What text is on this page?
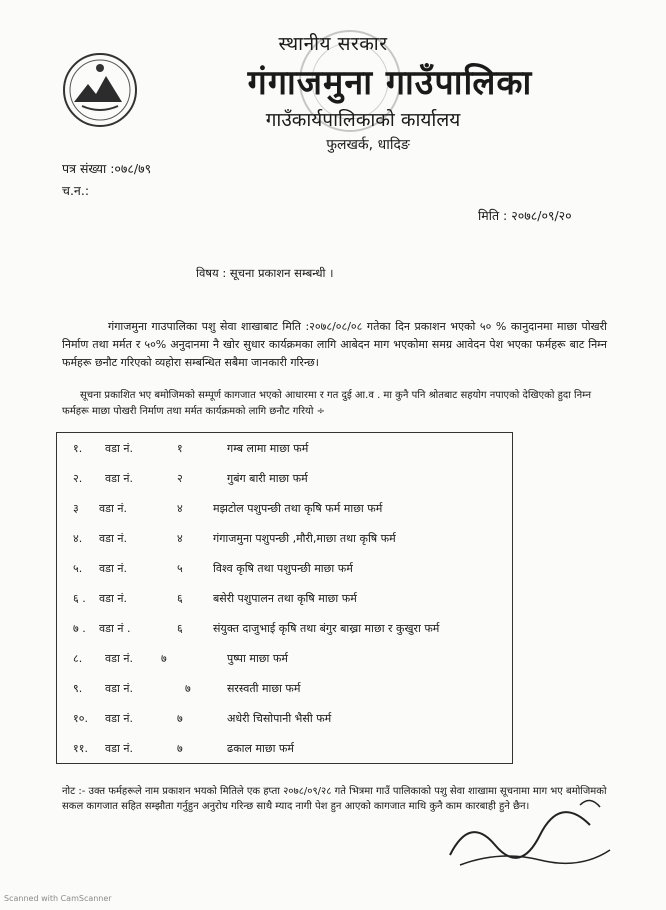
स्थानीय सरकार
गंगाजमुना गाउँपालिका
गाउँकार्यपालिकाको कार्यालय
फुलखर्क, धादिङ
पत्र संख्या :०७८/७९
च.न.:
मिति : २०७८/०९/२०
विषय : सूचना प्रकाशन सम्बन्धी ।
गंगाजमुना गाउपालिका पशु सेवा शाखाबाट मिति :२०७८/०८/०८ गतेका दिन प्रकाशन भएको ५० % कानुदानमा माछा पोखरी निर्माण तथा मर्मत र ५०% अनुदानमा नै खोर सुधार कार्यक्रमका लागि आबेदन माग भएकोमा समग्र आवेदन पेश भएका फर्महरू बाट निम्न फर्महरू छनौट गरिएको व्यहोरा सम्बन्धित सबैमा जानकारी गरिन्छ।
सूचना प्रकाशित भए बमोजिमको सम्पूर्ण कागजात भएको आधारमा र गत दुई आ.व . मा कुनै पनि श्रोतबाट सहयोग नपाएको देखिएको हुदा निम्न फर्महरू माछा पोखरी निर्माण तथा मर्मत कार्यक्रमको लागि छनौट गरियो ÷
१. वडा नं.	१	गम्ब लामा माछा फर्म
२. वडा नं.	२	गुबंग बारी माछा फर्म
३ वडा नं.	४	मझटोल पशुपन्छी तथा कृषि फर्म माछा फर्म
४. वडा नं.	४	गंगाजमुना पशुपन्छी ,मौरी,माछा तथा कृषि फर्म
५. वडा नं.	५	विश्व कृषि तथा पशुपन्छी माछा फर्म
६ . वडा नं.	६	बसेरी पशुपालन तथा कृषि माछा फर्म
७ . वडा नं .	६	संयुक्त दाजुभाई कृषि तथा बंगुर बाख्रा माछा र कुखुरा फर्म
८. वडा नं.	७	पुष्पा माछा फर्म
९. वडा नं.	७	सरस्वती माछा फर्म
१०. वडा नं.	७	अधेरी चिसोपानी भैसी फर्म
११. वडा नं.	७	ढकाल माछा फर्म
नोट :- उक्त फर्महरूले नाम प्रकाशन भयको मितिले एक हप्ता २०७८/०९/२८ गते भित्रमा गाउँ पालिकाको पशु सेवा शाखामा सूचनामा माग भए बमोजिमको सकल कागजात सहित सम्झौता गर्नुहुन अनुरोध गरिन्छ साथै म्याद नागी पेश हुन आएको कागजात माथि कुनै काम कारबाही हुने छैन।
Scanned with CamScanner
